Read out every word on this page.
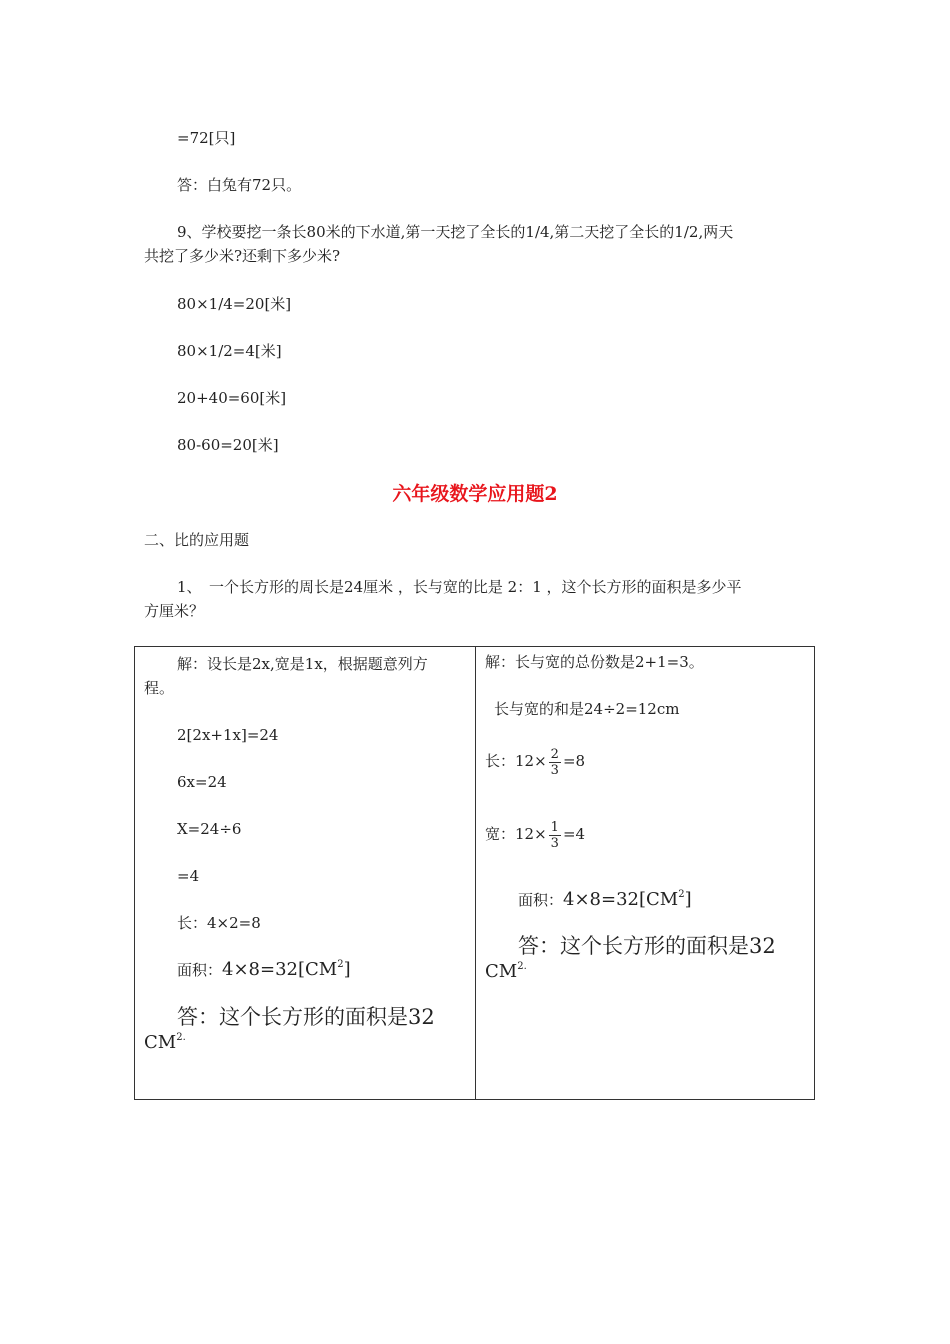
=72[只]
答：白兔有72只。
9、学校要挖一条长80米的下水道,第一天挖了全长的1/4,第二天挖了全长的1/2,两天
共挖了多少米?还剩下多少米?
80×1/4=20[米]
80×1/2=4[米]
20+40=60[米]
80-60=20[米]
六年级数学应用题2
二、比的应用题
1、　一个长方形的周长是24厘米 ，长与宽的比是 2：1 ，这个长方形的面积是多少平
方厘米？
解：设长是2x,宽是1x，根据题意列方
程。
2[2x+1x]=24
6x=24
X=24÷6
=4
长：4×2=8
面积：$4\times 8=32[CM^2]$
答：这个长方形的面积是32
$CM^{2.}$
解：长与宽的总份数是2+1=3。
长与宽的和是24÷2=12cm
长：$12\times \frac{2}{3} =8$
宽：$12\times \frac{1}{3} =4$
面积：$4\times 8=32[CM^2]$
答：这个长方形的面积是32
$CM^{2.}$
